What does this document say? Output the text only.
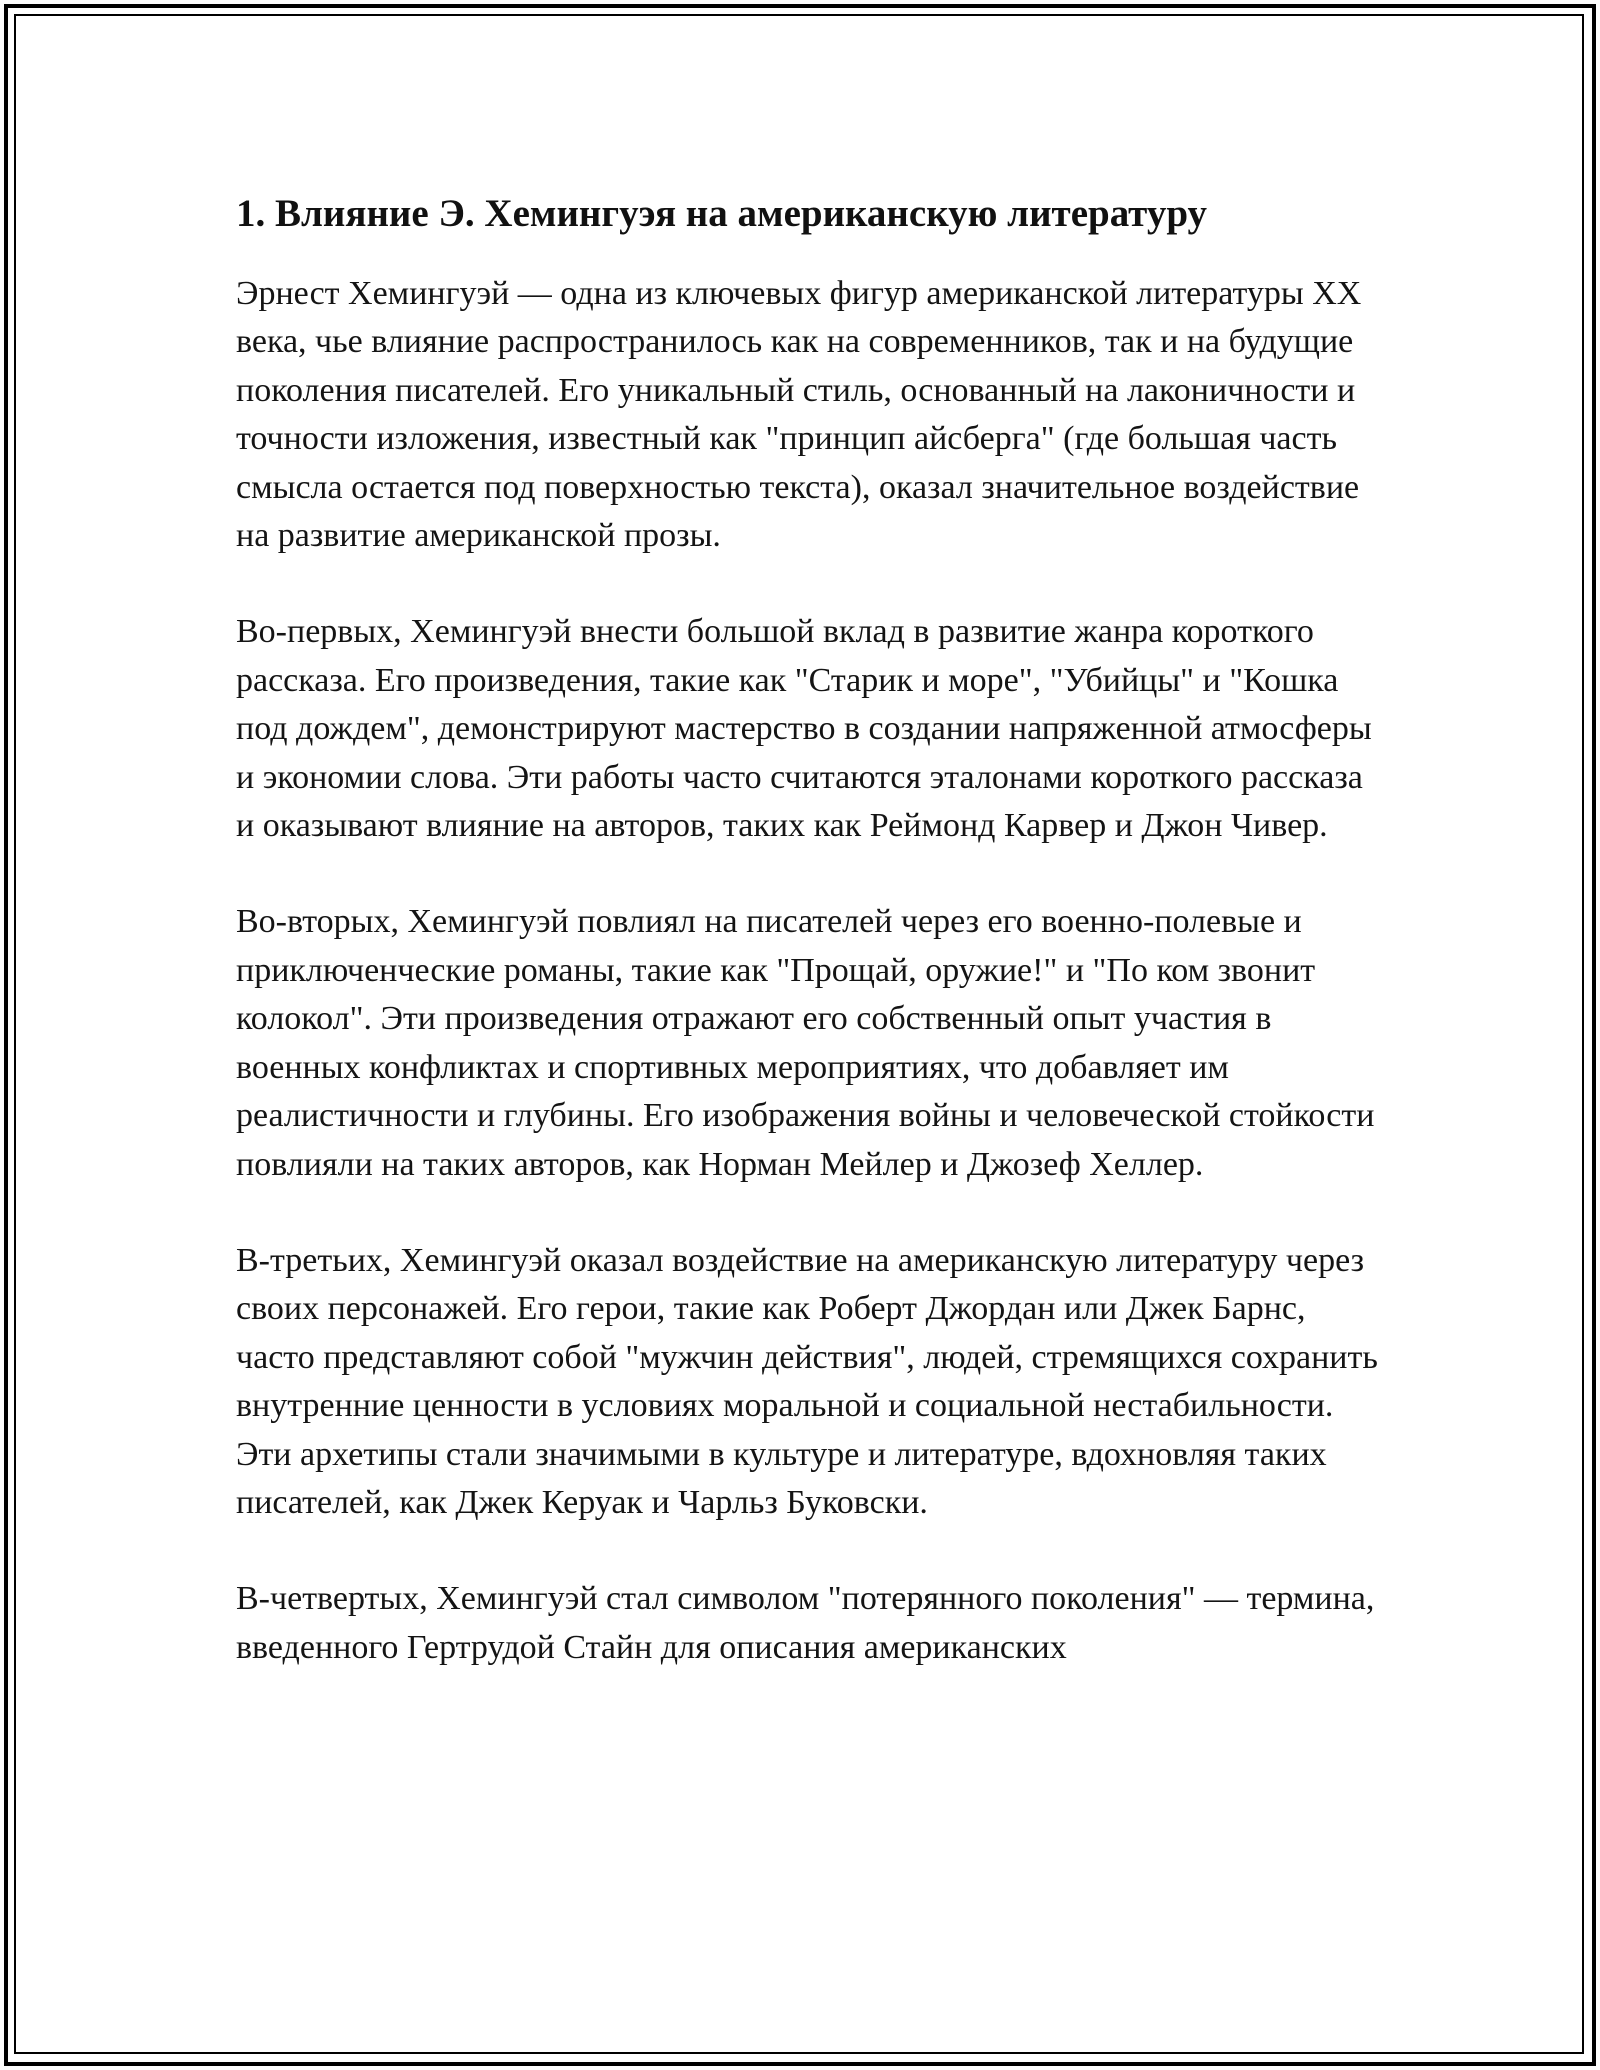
1. Влияние Э. Хемингуэя на американскую литературу

Эрнест Хемингуэй — одна из ключевых фигур американской литературы XX века, чье влияние распространилось как на современников, так и на будущие поколения писателей. Его уникальный стиль, основанный на лаконичности и точности изложения, известный как "принцип айсберга" (где большая часть смысла остается под поверхностью текста), оказал значительное воздействие на развитие американской прозы.

Во-первых, Хемингуэй внести большой вклад в развитие жанра короткого рассказа. Его произведения, такие как "Старик и море", "Убийцы" и "Кошка под дождем", демонстрируют мастерство в создании напряженной атмосферы и экономии слова. Эти работы часто считаются эталонами короткого рассказа и оказывают влияние на авторов, таких как Реймонд Карвер и Джон Чивер.

Во-вторых, Хемингуэй повлиял на писателей через его военно-полевые и приключенческие романы, такие как "Прощай, оружие!" и "По ком звонит колокол". Эти произведения отражают его собственный опыт участия в военных конфликтах и спортивных мероприятиях, что добавляет им реалистичности и глубины. Его изображения войны и человеческой стойкости повлияли на таких авторов, как Норман Мейлер и Джозеф Хеллер.

В-третьих, Хемингуэй оказал воздействие на американскую литературу через своих персонажей. Его герои, такие как Роберт Джордан или Джек Барнс, часто представляют собой "мужчин действия", людей, стремящихся сохранить внутренние ценности в условиях моральной и социальной нестабильности. Эти архетипы стали значимыми в культуре и литературе, вдохновляя таких писателей, как Джек Керуак и Чарльз Буковски.

В-четвертых, Хемингуэй стал символом "потерянного поколения" — термина, введенного Гертрудой Стайн для описания американских
